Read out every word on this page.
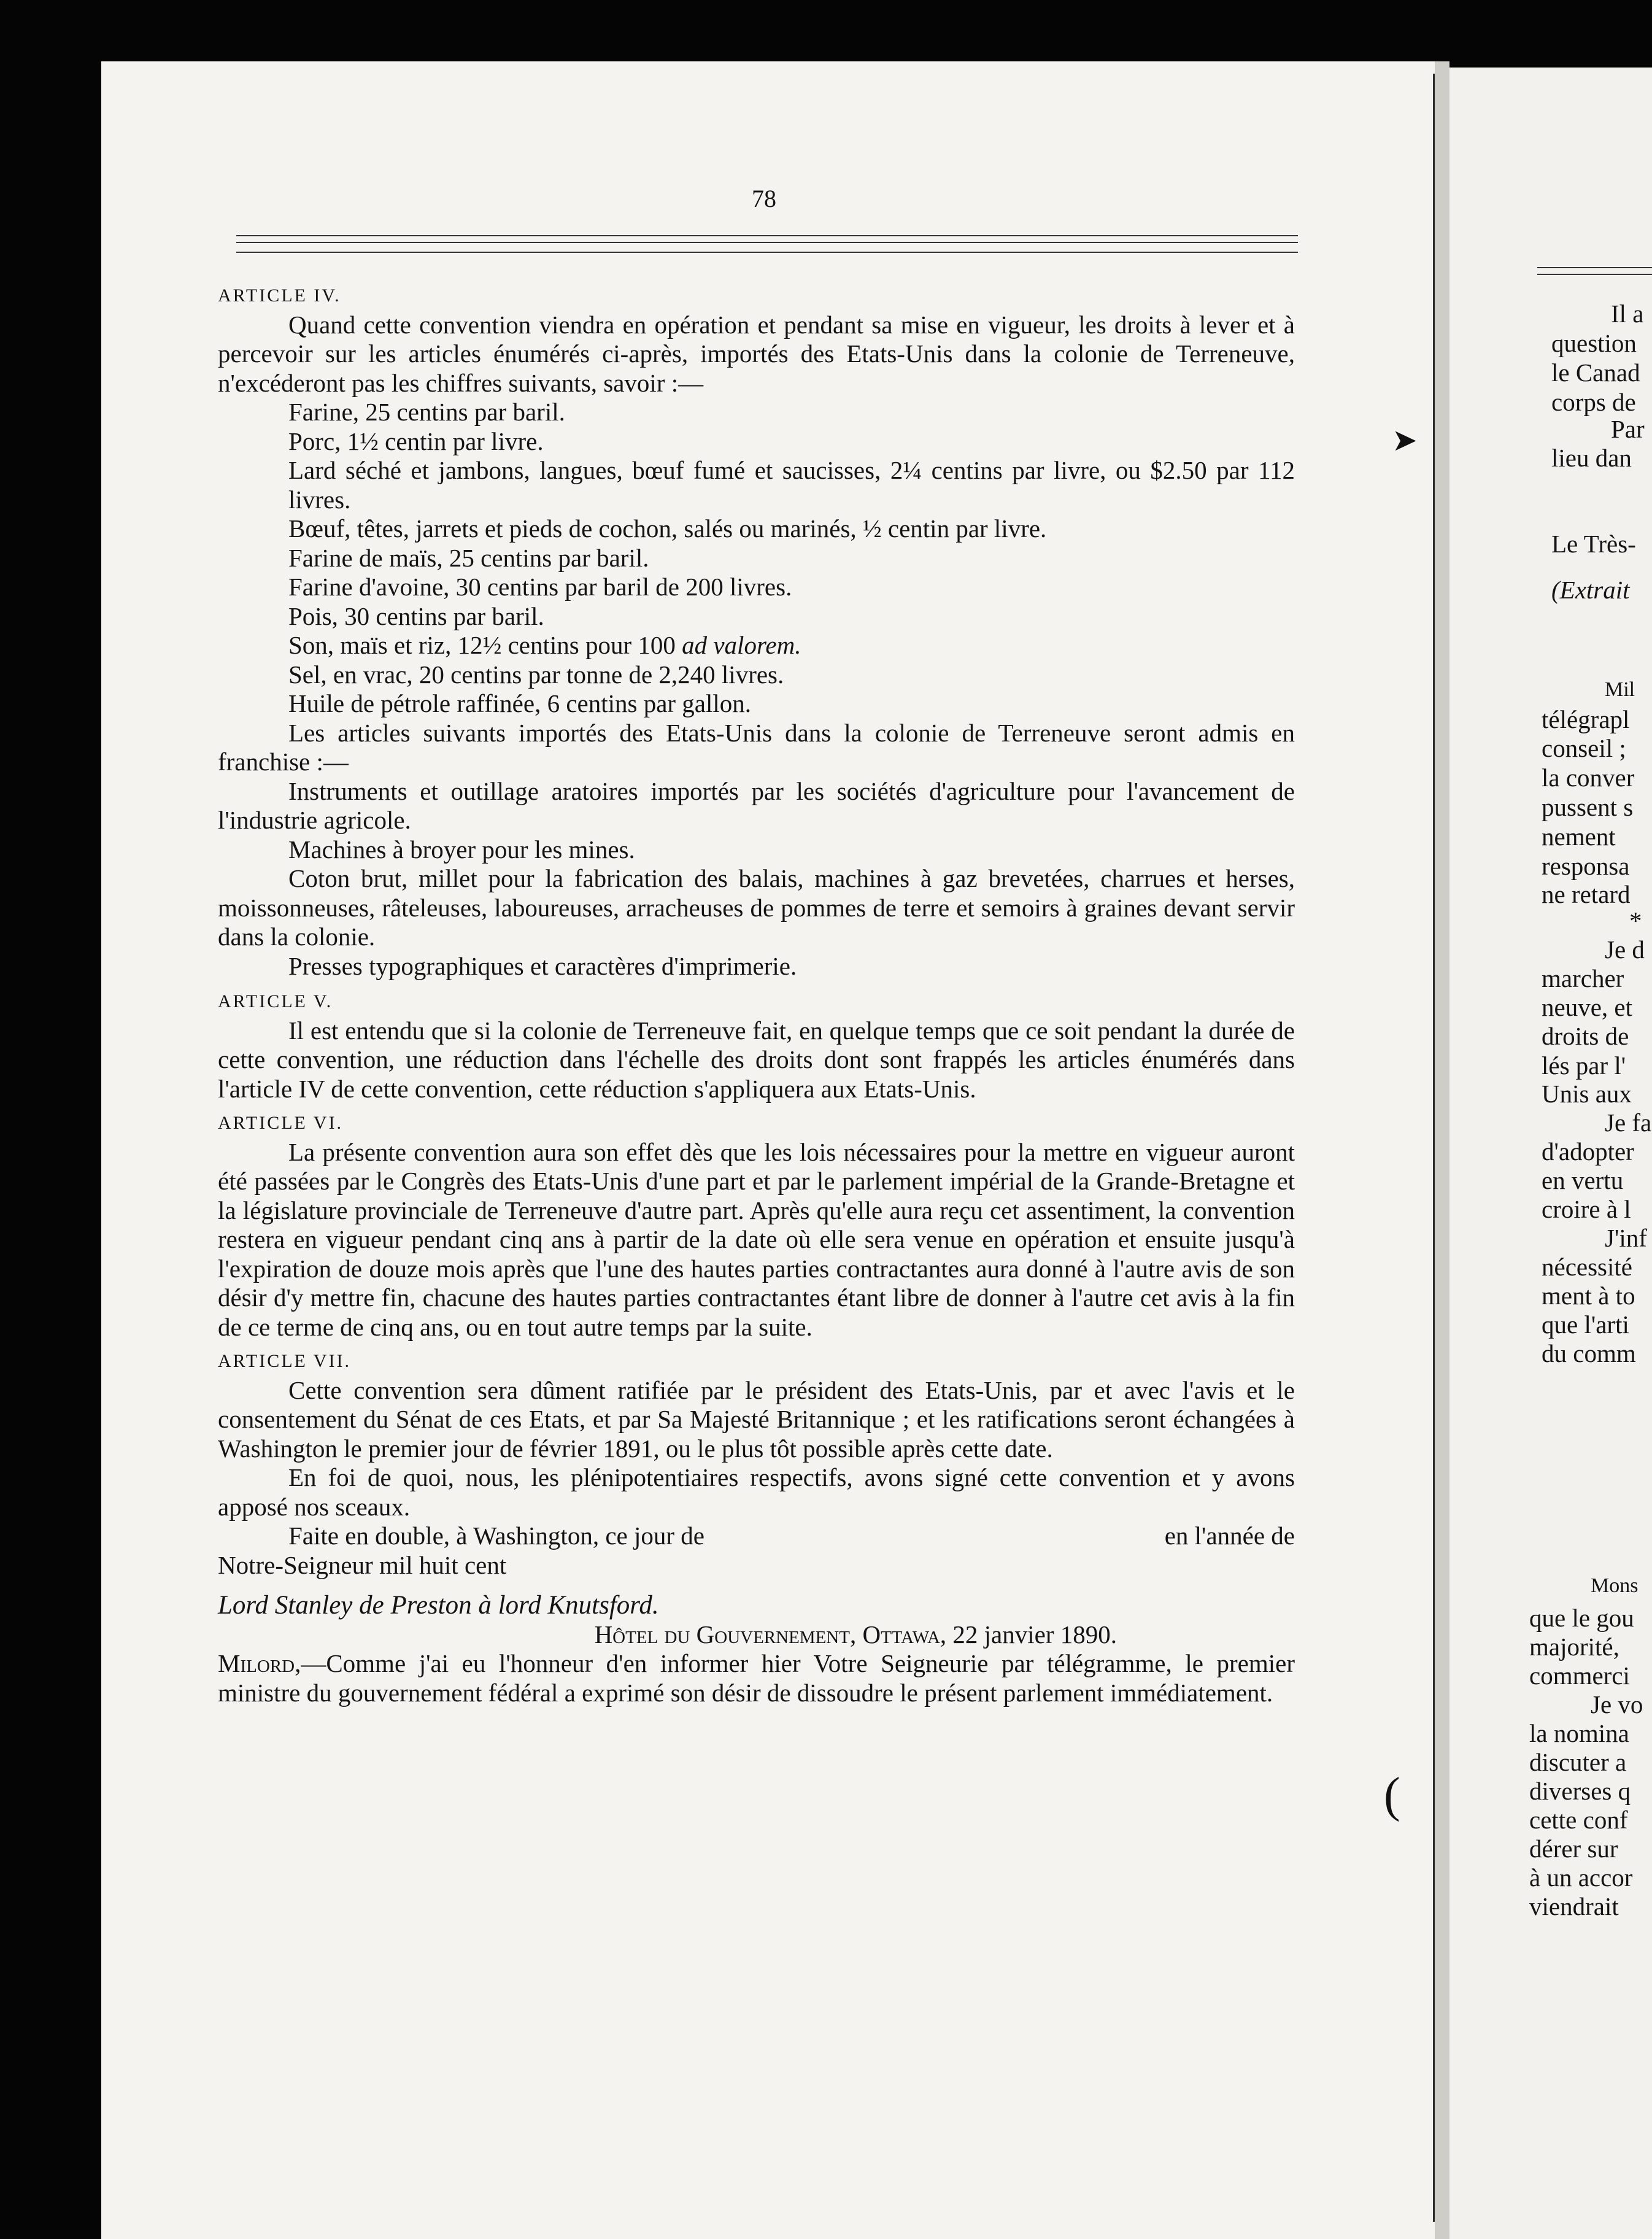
78

ARTICLE IV.

Quand cette convention viendra en opération et pendant sa mise en vigueur, les droits à lever et à percevoir sur les articles énumérés ci-après, importés des Etats-Unis dans la colonie de Terreneuve, n'excéderont pas les chiffres suivants, savoir :—

Farine, 25 centins par baril.

Porc, 1½ centin par livre.

Lard séché et jambons, langues, bœuf fumé et saucisses, 2¼ centins par livre, ou $2.50 par 112 livres.

Bœuf, têtes, jarrets et pieds de cochon, salés ou marinés, ½ centin par livre.

Farine de maïs, 25 centins par baril.

Farine d'avoine, 30 centins par baril de 200 livres.

Pois, 30 centins par baril.

Son, maïs et riz, 12½ centins pour 100 ad valorem.

Sel, en vrac, 20 centins par tonne de 2,240 livres.

Huile de pétrole raffinée, 6 centins par gallon.

Les articles suivants importés des Etats-Unis dans la colonie de Terreneuve seront admis en franchise :—

Instruments et outillage aratoires importés par les sociétés d'agriculture pour l'avancement de l'industrie agricole.

Machines à broyer pour les mines.

Coton brut, millet pour la fabrication des balais, machines à gaz brevetées, charrues et herses, moissonneuses, râteleuses, laboureuses, arracheuses de pommes de terre et semoirs à graines devant servir dans la colonie.

Presses typographiques et caractères d'imprimerie.

ARTICLE V.

Il est entendu que si la colonie de Terreneuve fait, en quelque temps que ce soit pendant la durée de cette convention, une réduction dans l'échelle des droits dont sont frappés les articles énumérés dans l'article IV de cette convention, cette réduction s'appliquera aux Etats-Unis.

ARTICLE VI.

La présente convention aura son effet dès que les lois nécessaires pour la mettre en vigueur auront été passées par le Congrès des Etats-Unis d'une part et par le parlement impérial de la Grande-Bretagne et la législature provinciale de Terreneuve d'autre part. Après qu'elle aura reçu cet assentiment, la convention restera en vigueur pendant cinq ans à partir de la date où elle sera venue en opération et ensuite jusqu'à l'expiration de douze mois après que l'une des hautes parties contractantes aura donné à l'autre avis de son désir d'y mettre fin, chacune des hautes parties contractantes étant libre de donner à l'autre cet avis à la fin de ce terme de cinq ans, ou en tout autre temps par la suite.

ARTICLE VII.

Cette convention sera dûment ratifiée par le président des Etats-Unis, par et avec l'avis et le consentement du Sénat de ces Etats, et par Sa Majesté Britannique ; et les ratifications seront échangées à Washington le premier jour de février 1891, ou le plus tôt possible après cette date.

En foi de quoi, nous, les plénipotentiaires respectifs, avons signé cette convention et y avons apposé nos sceaux.

Faite en double, à Washington, ce jour de	en l'année de

Notre-Seigneur mil huit cent

Lord Stanley de Preston à lord Knutsford.

Hôtel du Gouvernement, Ottawa, 22 janvier 1890.

Milord,—Comme j'ai eu l'honneur d'en informer hier Votre Seigneurie par télégramme, le premier ministre du gouvernement fédéral a exprimé son désir de dissoudre le présent parlement immédiatement.

Il a
question
le Canad
corps de
Par
lieu dan
Le Très-
(Extrait
Mil
télégrapl
conseil ;
la conver
pussent s
nement
responsa
ne retard
*
Je d
marcher
neuve, et
droits de
lés par l'
Unis aux
Je fa
d'adopter
en vertu
croire à l
J'inf
nécessité
ment à to
que l'arti
du comm
Mons
que le gou
majorité,
commerci
Je vo
la nomina
discuter a
diverses q
cette conf
dérer sur
à un accor
viendrait
➤
(
